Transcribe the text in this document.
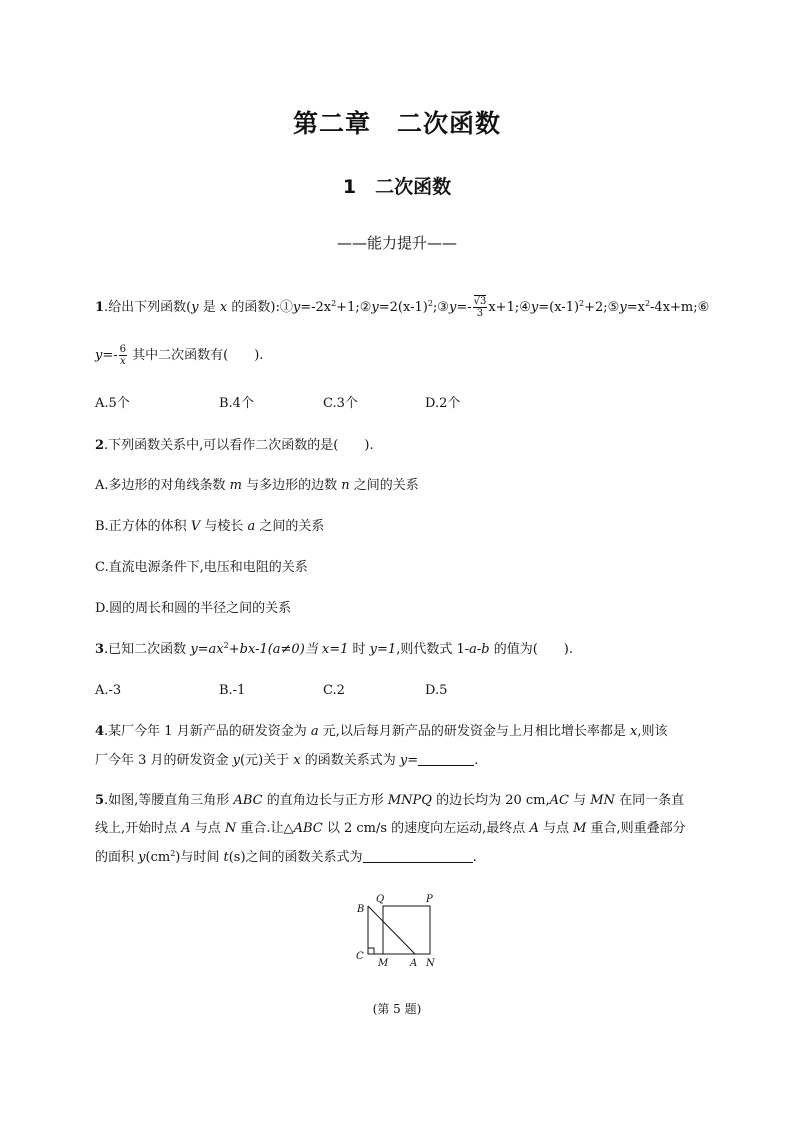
第二章　二次函数
1　二次函数
——能力提升——
1.给出下列函数(y 是 x 的函数)$:①y=-2x^2+1;②y=2(x-1)^2;③y=- \frac{√3}{3}$ $x+1;④y=(x-1)^2+2;⑤y=x^2-4x+m;⑥$
$y=- \frac{6}{x}$ 其中二次函数有(　　).
A.5个	B.4个	C.3个	D.2个
2.下列函数关系中,可以看作二次函数的是(　　).
A.多边形的对角线条数 m 与多边形的边数 n 之间的关系
B.正方体的体积 V 与棱长 a 之间的关系
C.直流电源条件下,电压和电阻的关系
D.圆的周长和圆的半径之间的关系
3.已知二次函数 $y=ax^2+bx-1(a\ne 0)$当 x=1 时 y=1,则代数式 1-a-b 的值为(　　).
A.-3	B.-1	C.2	D.5
4.某厂今年 1 月新产品的研发资金为 a 元,以后每月新产品的研发资金与上月相比增长率都是 x,则该
厂今年 3 月的研发资金 y(元)关于 x 的函数关系式为 y=	.
5.如图,等腰直角三角形 ABC 的直角边长与正方形 MNPQ 的边长均为 20 cm,AC 与 MN 在同一条直
线上,开始时点 A 与点 N 重合.让△ABC 以 2 cm/s 的速度向左运动,最终点 A 与点 M 重合,则重叠部分
的面积 $y(cm^2)$与时间 t(s)之间的函数关系式为	.
B
Q	P
C
M A N
(第 5 题)
